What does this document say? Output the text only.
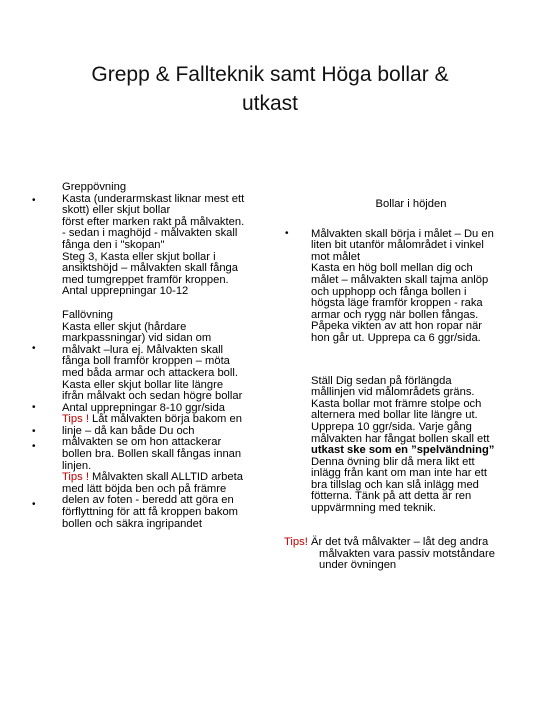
Grepp & Fallteknik samt Höga bollar &
utkast
•
•
•
•
•
•

Greppövning

Kasta (underarmskast liknar mest ett

skott) eller skjut bollar

först efter marken rakt på målvakten.

- sedan i maghöjd - målvakten skall

fånga den i "skopan"

Steg 3, Kasta eller skjut bollar i

ansiktshöjd – målvakten skall fånga

med tumgreppet framför kroppen.

Antal upprepningar 10-12

Fallövning

Kasta eller skjut (hårdare

markpassningar) vid sidan om

målvakt –lura ej. Målvakten skall

fånga boll framför kroppen – möta

med båda armar och attackera boll.

Kasta eller skjut bollar lite längre

ifrån målvakt och sedan högre bollar

Antal upprepningar 8-10 ggr/sida

Tips ! Låt målvakten börja bakom en

linje – då kan både Du och

målvakten se om hon attackerar

bollen bra. Bollen skall fångas innan

linjen.

Tips ! Målvakten skall ALLTID arbeta

med lätt böjda ben och på främre

delen av foten - beredd att göra en

förflyttning för att få kroppen bakom

bollen och säkra ingripandet

•

Bollar i höjden

Målvakten skall börja i målet – Du en

liten bit utanför målområdet i vinkel

mot målet

Kasta en hög boll mellan dig och

målet – målvakten skall tajma anlöp

och upphopp och fånga bollen i

högsta läge framför kroppen - raka

armar och rygg när bollen fångas.

Påpeka vikten av att hon ropar när

hon går ut. Upprepa ca 6 ggr/sida.

Ställ Dig sedan på förlängda

mållinjen vid målområdets gräns.

Kasta bollar mot främre stolpe och

alternera med bollar lite längre ut.

Upprepa 10 ggr/sida. Varje gång

målvakten har fångat bollen skall ett

utkast ske som en ”spelvändning”

Denna övning blir då mera likt ett

inlägg från kant om man inte har ett

bra tillslag och kan slå inlägg med

fötterna. Tänk på att detta är ren

uppvärmning med teknik.

Tips! Är det två målvakter – låt deg andra

målvakten vara passiv motståndare

under övningen
